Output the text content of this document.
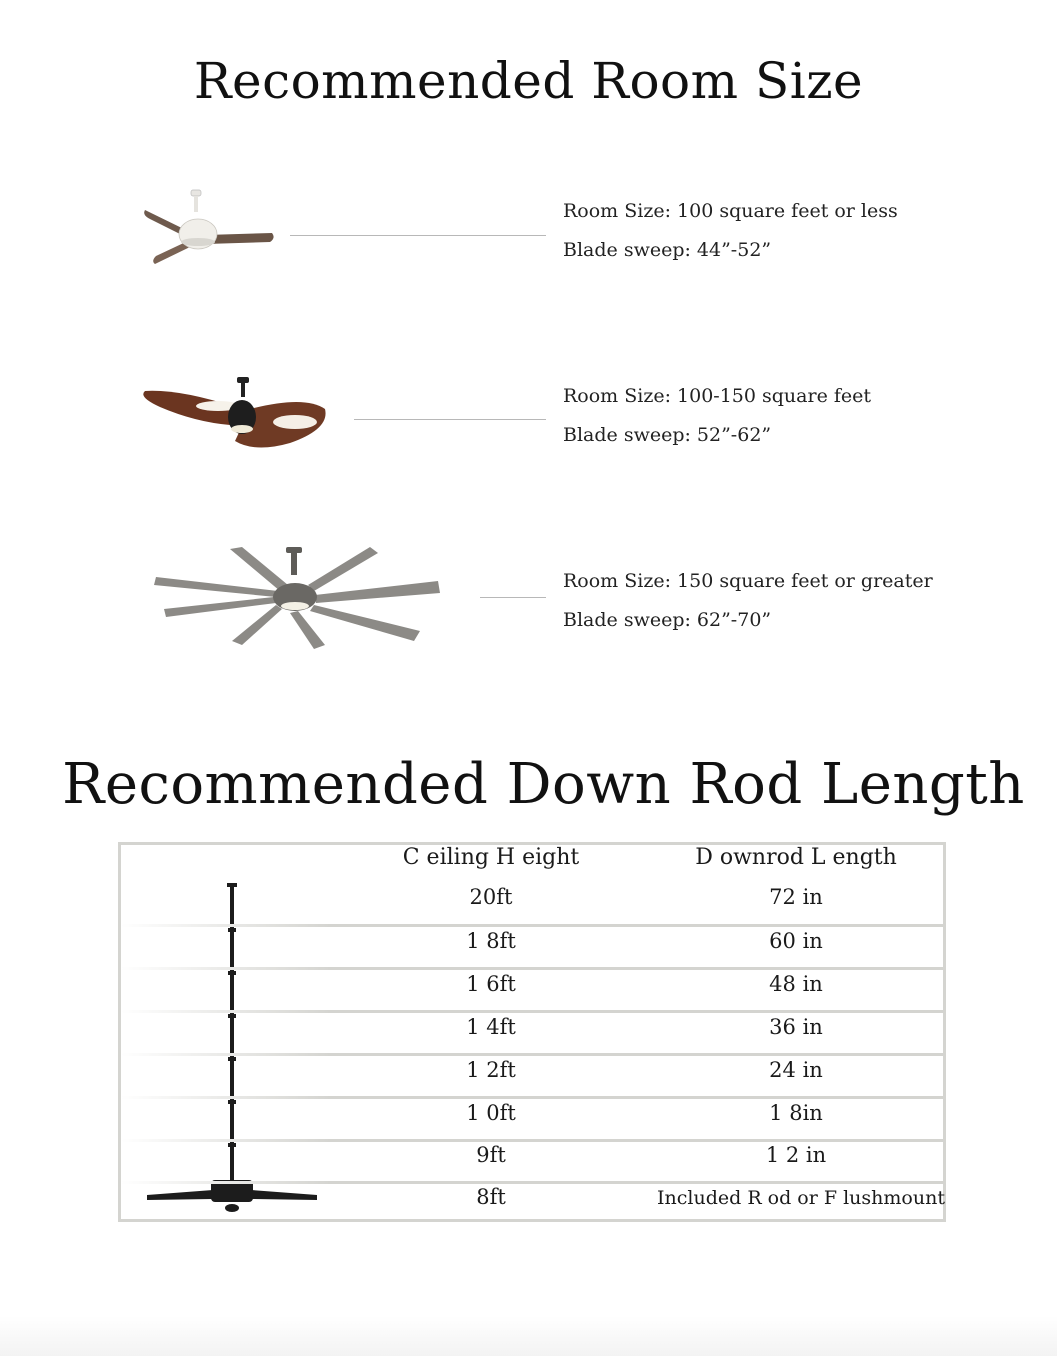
Recommended Room Size
Room Size: 100 square feet or less
Blade sweep: 44”-52”
Room Size: 100-150 square feet
Blade sweep: 52”-62”
Room Size: 150 square feet or greater
Blade sweep: 62”-70”
Recommended Down Rod Length
C eiling H eight	D ownrod L ength
20ft	72 in
1 8ft	60 in
1 6ft	48 in
1 4ft	36 in
1 2ft	24 in
1 0ft	1 8in
9ft	1 2 in
8ft	Included R od or F lushmount
